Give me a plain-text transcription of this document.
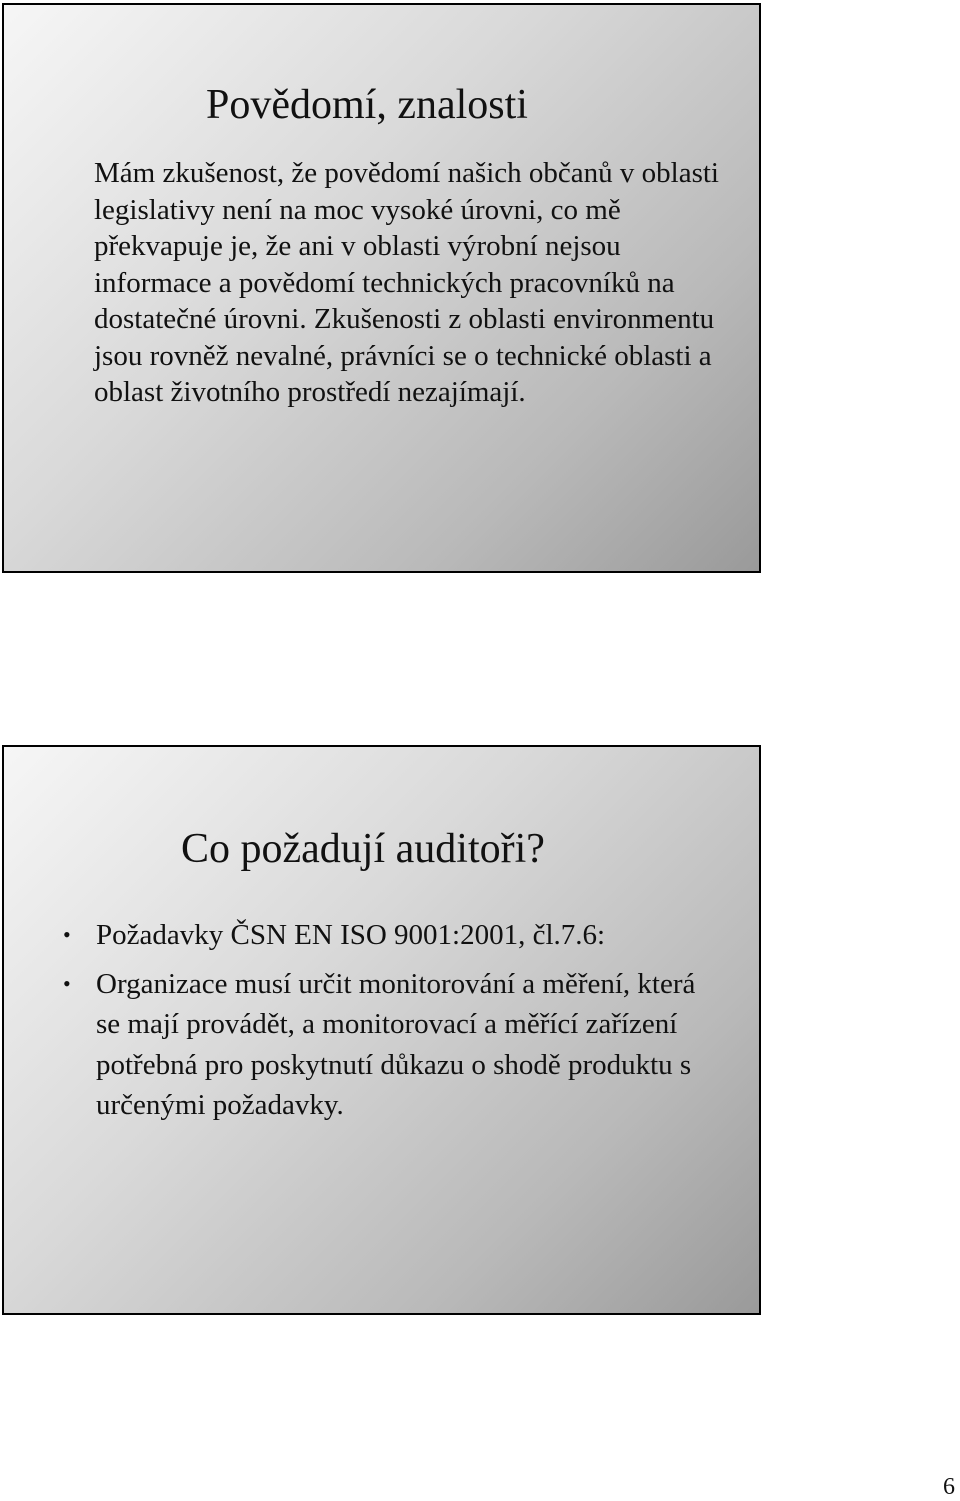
Povědomí, znalosti

Mám zkušenost, že povědomí našich občanů v oblasti legislativy není na moc vysoké úrovni, co mě překvapuje je, že ani v oblasti výrobní nejsou informace a povědomí technických pracovníků na dostatečné úrovni. Zkušenosti z oblasti environmentu jsou rovněž nevalné, právníci se o technické oblasti a oblast životního prostředí nezajímají.

Co požadují auditoři?
• Požadavky ČSN EN ISO 9001:2001, čl.7.6:
• Organizace musí určit monitorování a měření, která se mají provádět, a monitorovací a měřící zařízení potřebná pro poskytnutí důkazu o shodě produktu s určenými požadavky.
6
